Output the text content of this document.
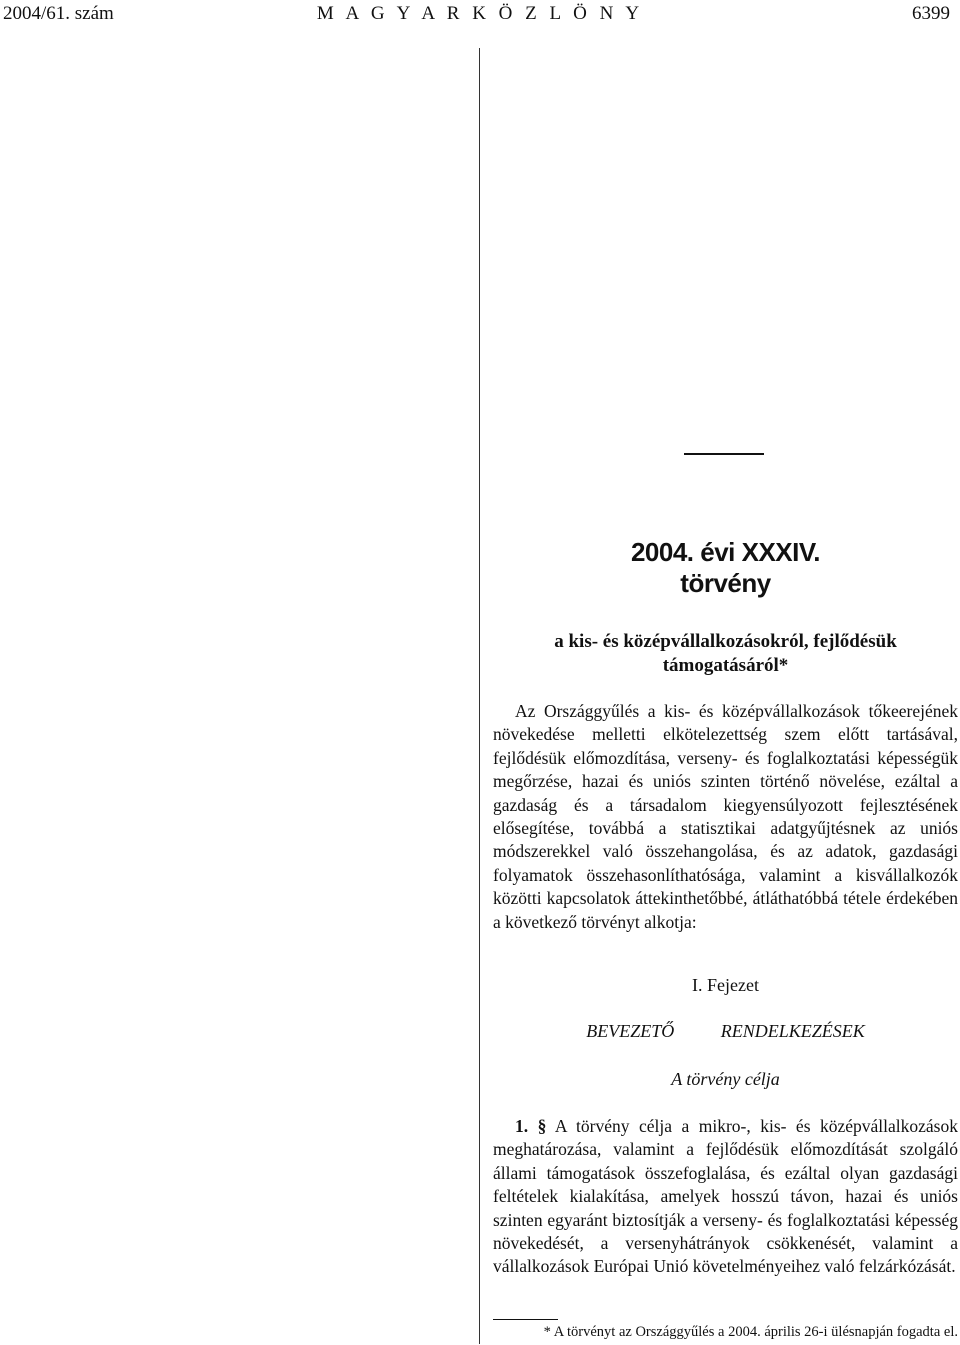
2004/61. szám	M A G Y A R K Ö Z L Ö N Y	6399
2004. évi XXXIV.
törvény
a kis- és középvállalkozásokról, fejlődésük
támogatásáról*

Az Országgyűlés a kis- és középvállalkozások tőkeerejének növekedése melletti elkötelezettség szem előtt tartásával, fejlődésük előmozdítása, verseny- és foglalkoztatási képességük megőrzése, hazai és uniós szinten történő növelése, ezáltal a gazdaság és a társadalom kiegyensúlyozott fejlesztésének elősegítése, továbbá a statisztikai adatgyűjtésnek az uniós módszerekkel való összehangolása, és az adatok, gazdasági folyamatok összehasonlíthatósága, valamint a kisvállalkozók közötti kapcsolatok áttekinthetőbbé, átláthatóbbá tétele érdekében a következő törvényt alkotja:

I. Fejezet
BEVEZETŐ RENDELKEZÉSEK
A törvény célja

1. § A törvény célja a mikro-, kis- és középvállalkozások meghatározása, valamint a fejlődésük előmozdítását szolgáló állami támogatások összefoglalása, és ezáltal olyan gazdasági feltételek kialakítása, amelyek hosszú távon, hazai és uniós szinten egyaránt biztosítják a verseny- és foglalkoztatási képesség növekedését, a versenyhátrányok csökkenését, valamint a vállalkozások Európai Unió követelményeihez való felzárkózását.

* A törvényt az Országgyűlés a 2004. április 26-i ülésnapján fogadta el.
